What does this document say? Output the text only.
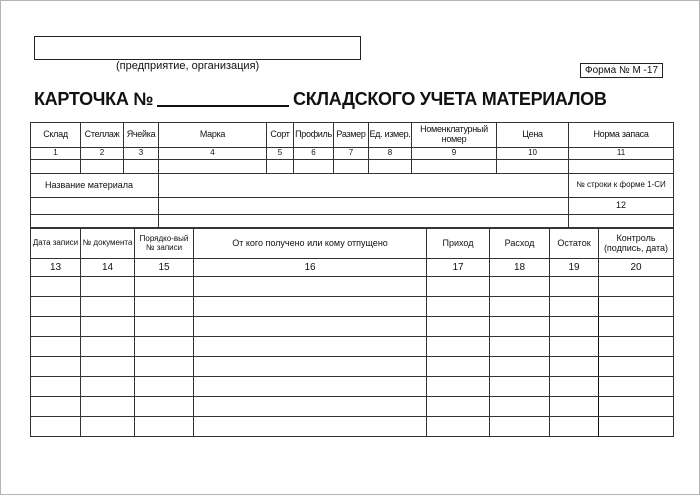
(предприятие, организация)	Форма № М -17
КАРТОЧКА №	СКЛАДСКОГО УЧЕТА МАТЕРИАЛОВ
Склад	Стеллаж	Ячейка	Марка	Сорт	Профиль	Размер	Ед. измер.	Номенклатурный номер	Цена	Норма запаса
1	2	3	4	5	6	7	8	9	10	11

Название материала										№ строки к форме 1-СИ
										12

Дата записи	№ документа	Порядко-вый № записи	От кого получено или кому отпущено	Приход	Расход	Остаток	Контроль (подпись, дата)
13	14	15	16	17	18	19	20
